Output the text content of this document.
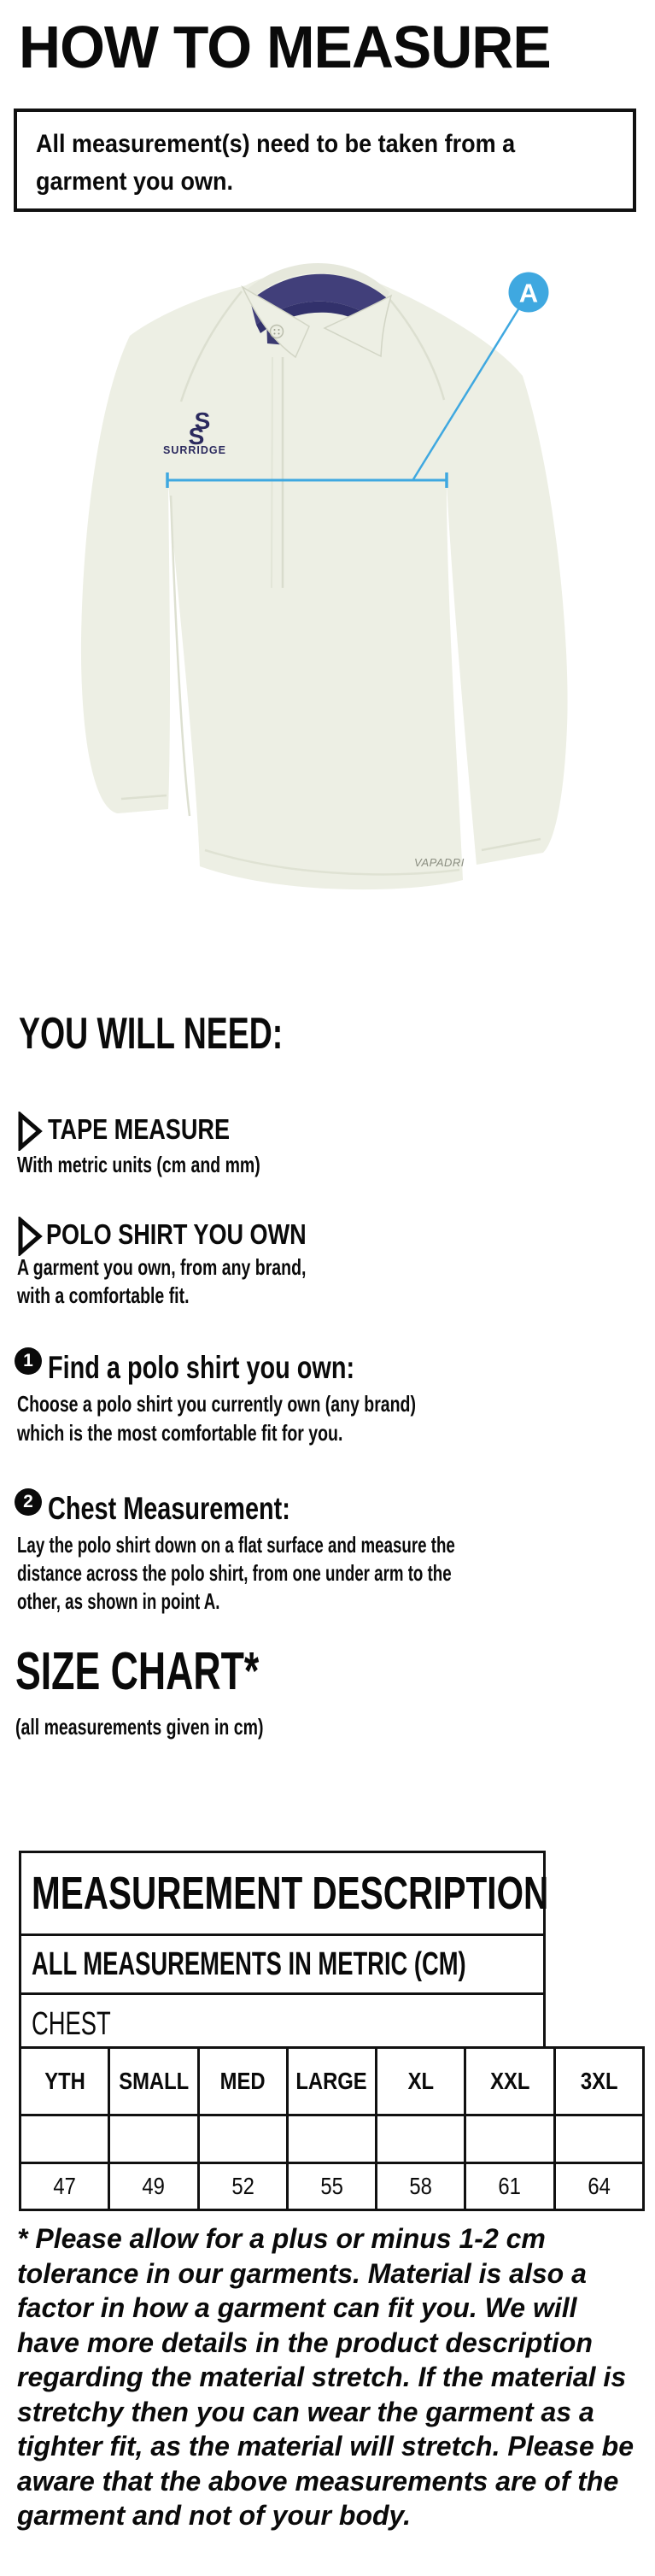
HOW TO MEASURE
All measurement(s) need to be taken from a garment you own.
S
S
SURRIDGE
VAPADRI
A
YOU WILL NEED:
TAPE MEASURE
With metric units (cm and mm)
POLO SHIRT YOU OWN
A garment you own, from any brand, with a comfortable fit.
1 Find a polo shirt you own:
Choose a polo shirt you currently own (any brand) which is the most comfortable fit for you.
2 Chest Measurement:
Lay the polo shirt down on a flat surface and measure the distance across the polo shirt, from one under arm to the other, as shown in point A.
SIZE CHART*
(all measurements given in cm)
MEASUREMENT DESCRIPTION
ALL MEASUREMENTS IN METRIC (CM)
CHEST
YTH	SMALL	MED	LARGE	XL	XXL	3XL

47	49	52	55	58	61	64
* Please allow for a plus or minus 1-2 cm tolerance in our garments. Material is also a factor in how a garment can fit you. We will have more details in the product description regarding the material stretch. If the material is stretchy then you can wear the garment as a tighter fit, as the material will stretch. Please be aware that the above measurements are of the garment and not of your body.
